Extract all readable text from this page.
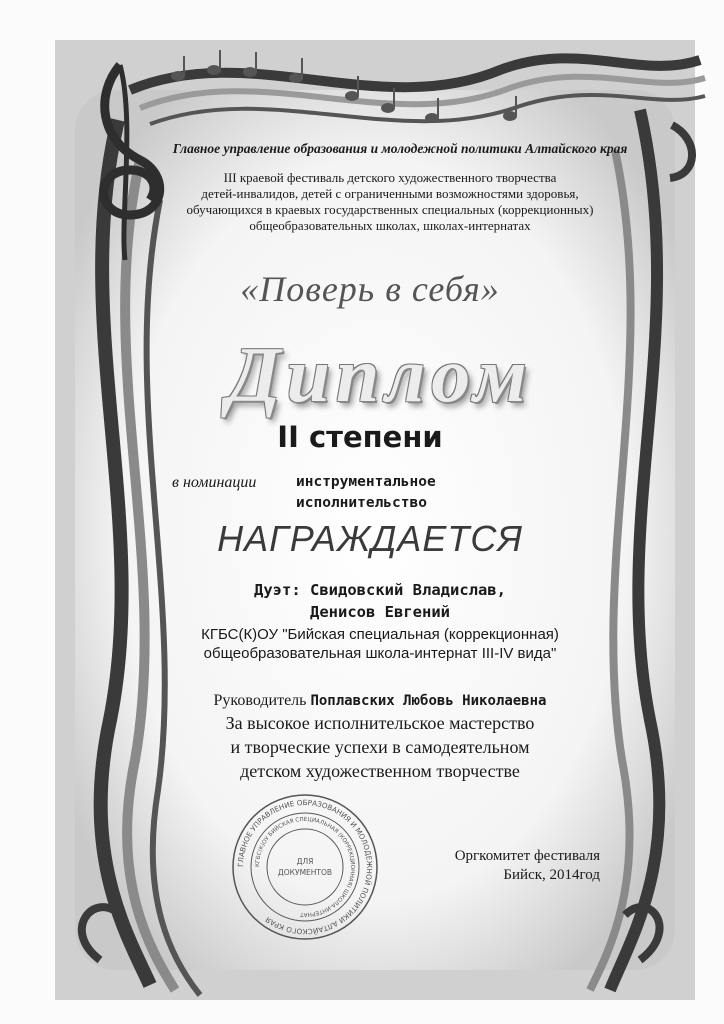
Главное управление образования и молодежной политики Алтайского края
III краевой фестиваль детского художественного творчества
детей-инвалидов, детей с ограниченными возможностями здоровья,
обучающихся в краевых государственных специальных (коррекционных)
общеобразовательных школах, школах-интернатах
«Поверь в себя»
Диплом
II степени
в номинации	инструментальное
исполнительство
НАГРАЖДАЕТСЯ
Дуэт: Свидовский Владислав,
Денисов Евгений
КГБС(К)ОУ "Бийская специальная (коррекционная)
общеобразовательная школа-интернат III-IV вида"
Руководитель Поплавских Любовь Николаевна
За высокое исполнительское мастерство
и творческие успехи в самодеятельном
детском художественном творчестве
ГЛАВНОЕ УПРАВЛЕНИЕ ОБРАЗОВАНИЯ И МОЛОДЕЖНОЙ ПОЛИТИКИ АЛТАЙСКОГО КРАЯ
КГБС(К)ОУ БИЙСКАЯ СПЕЦИАЛЬНАЯ (КОРРЕКЦИОННАЯ) ШКОЛА-ИНТЕРНАТ
ДЛЯ
ДОКУМЕНТОВ
Оргкомитет фестиваля
Бийск, 2014год
